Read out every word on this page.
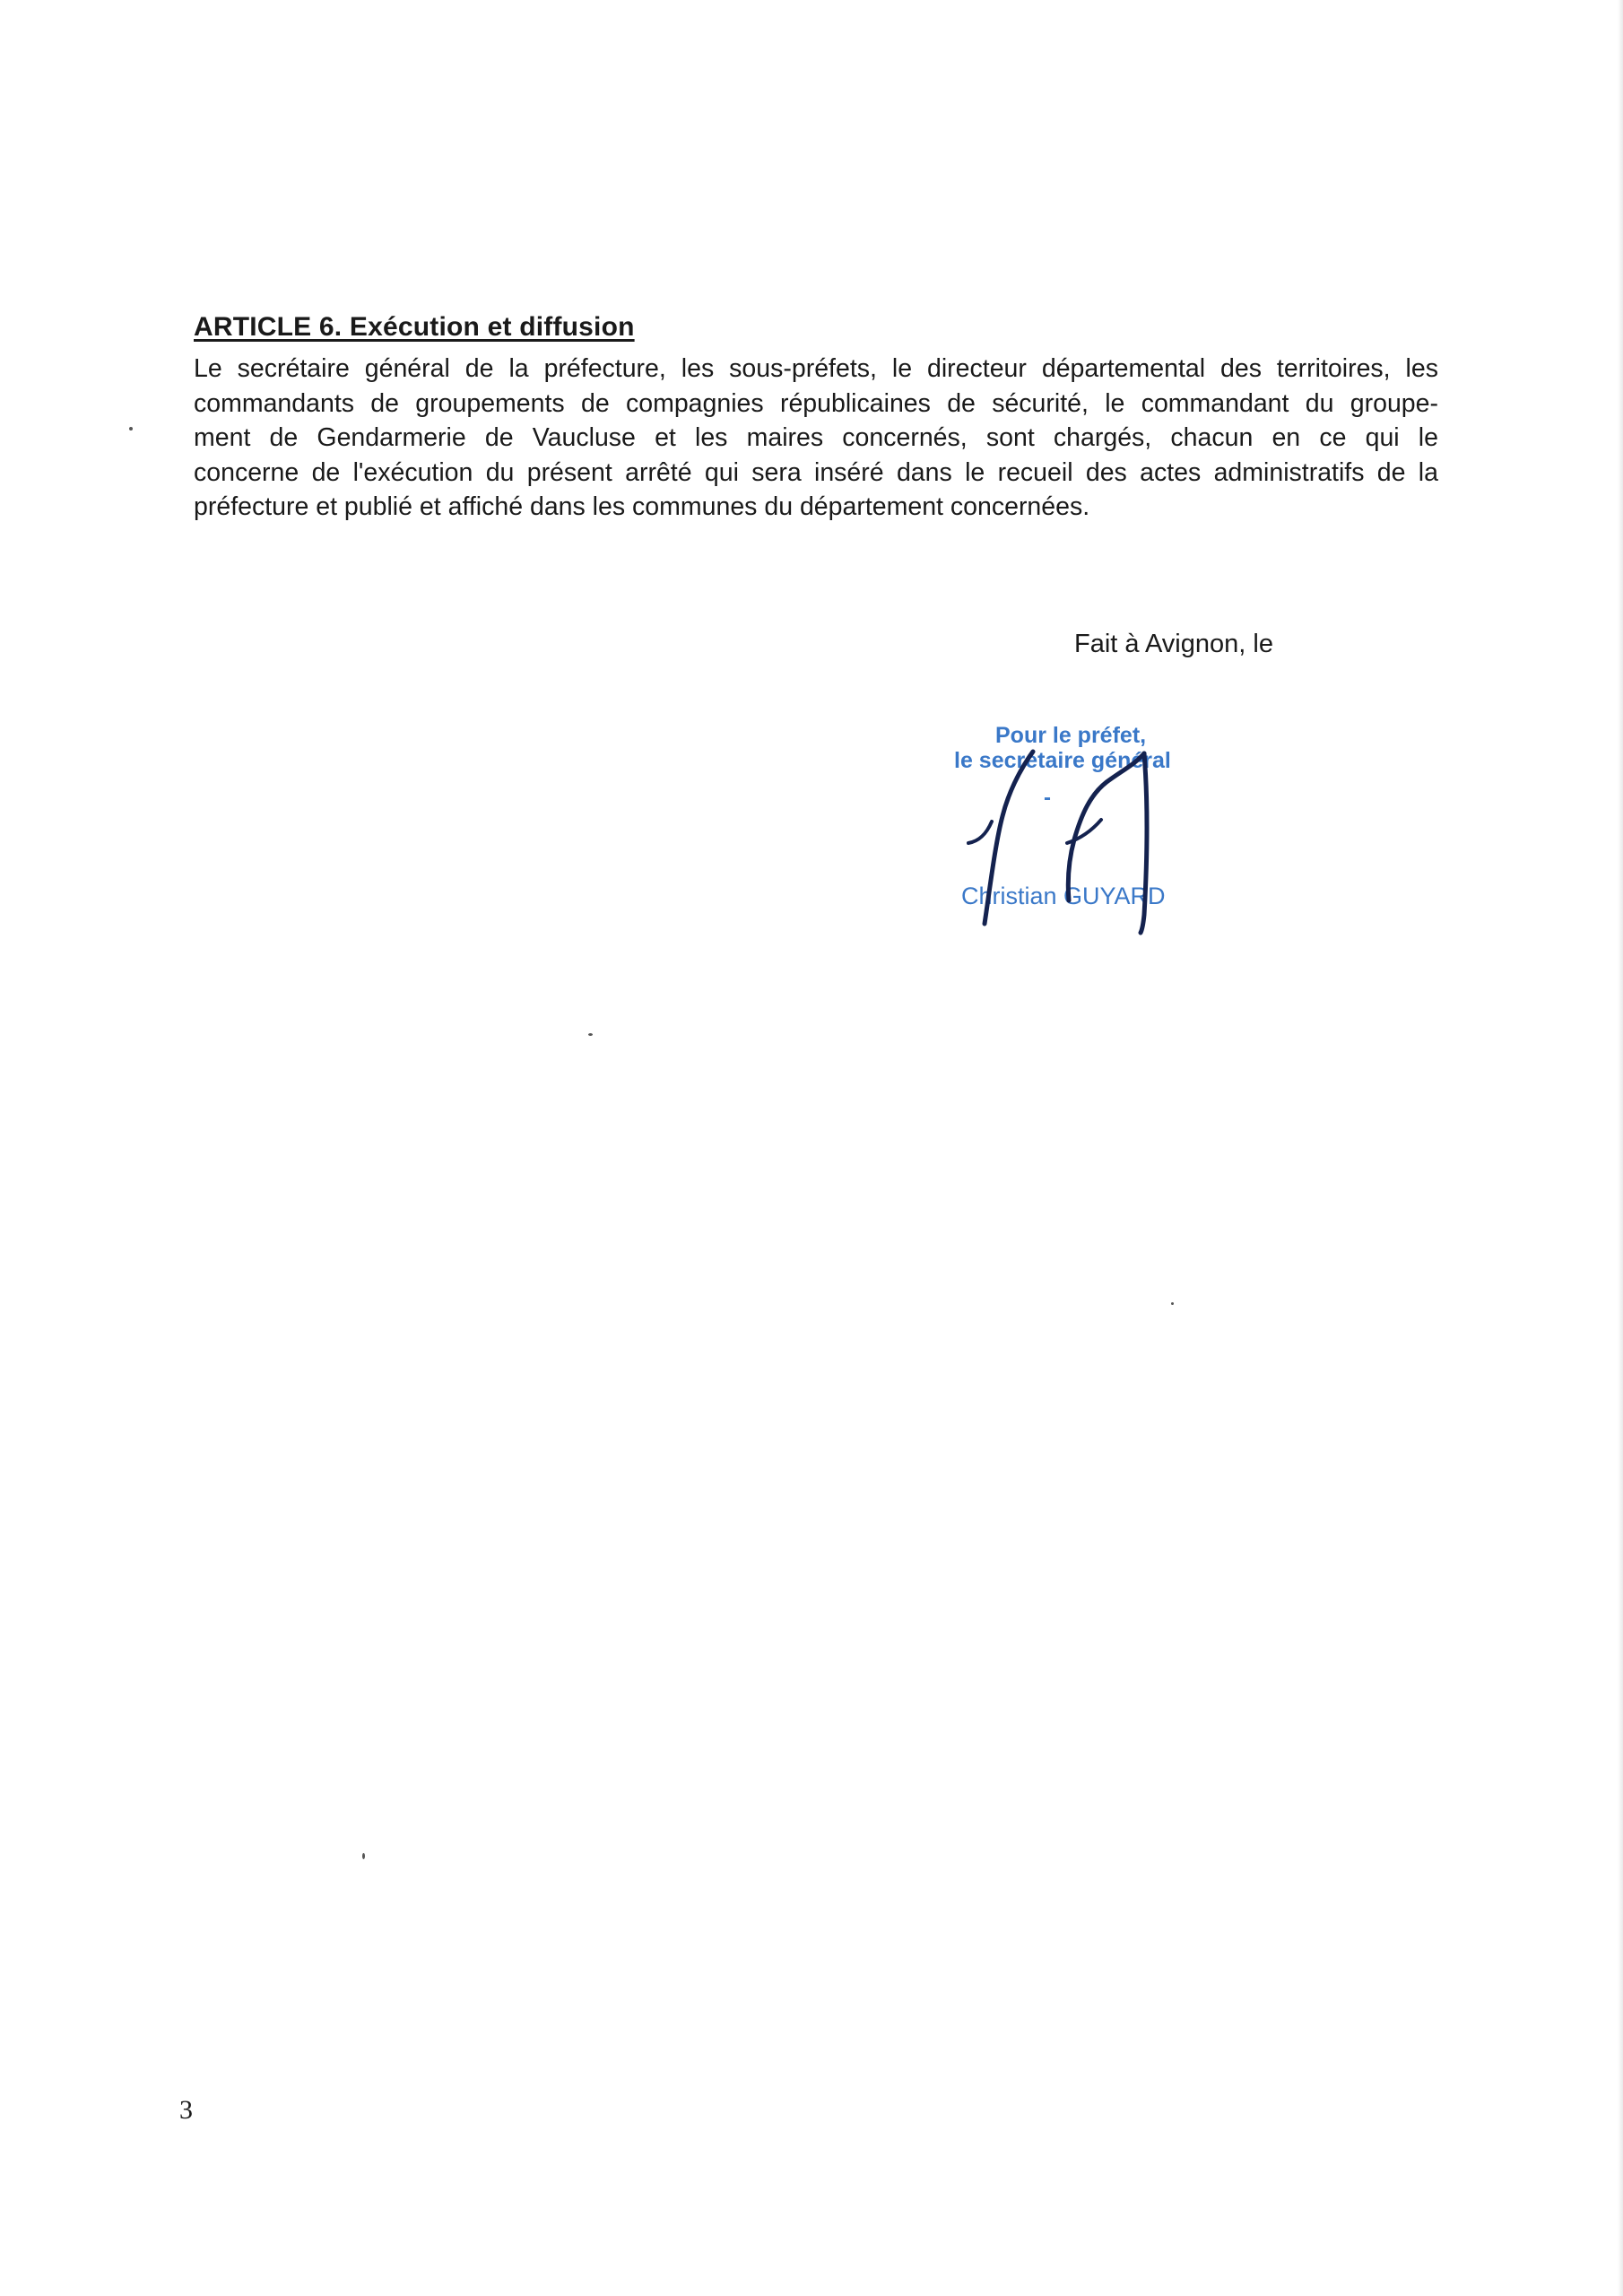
ARTICLE 6. Exécution et diffusion

Le secrétaire général de la préfecture, les sous-préfets, le directeur départemental des territoires, les
commandants de groupements de compagnies républicaines de sécurité, le commandant du groupe-
ment de Gendarmerie de Vaucluse et les maires concernés, sont chargés, chacun en ce qui le
concerne de l'exécution du présent arrêté qui sera inséré dans le recueil des actes administratifs de la
préfecture et publié et affiché dans les communes du département concernées.

Fait à Avignon, le
Pour le préfet,
le secrétaire général
-
Christian GUYARD
3
